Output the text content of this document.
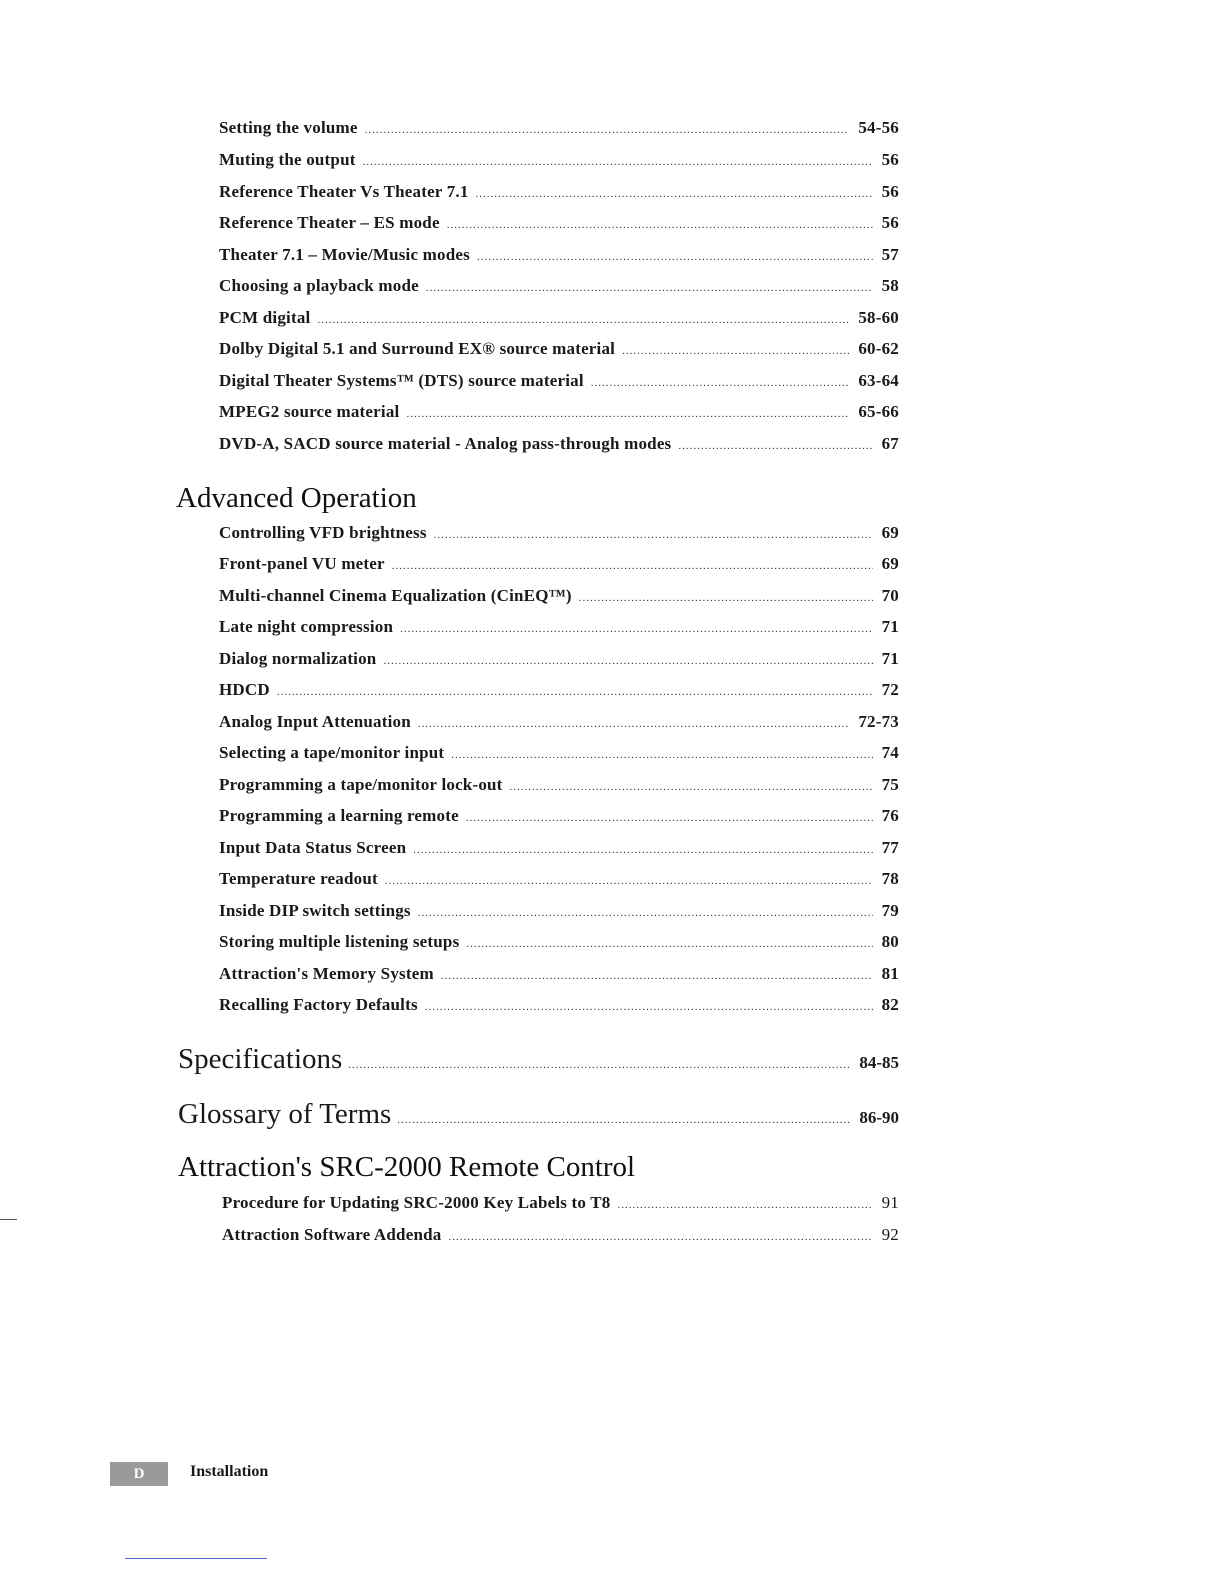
Setting the volume .....	54-56
Muting the output .....	56
Reference Theater Vs Theater 7.1 .....	56
Reference Theater – ES mode .....	56
Theater 7.1 – Movie/Music modes .....	57
Choosing a playback mode .....	58
PCM digital .....	58-60
Dolby Digital 5.1 and Surround EX® source material .....	60-62
Digital Theater Systems™ (DTS) source material .....	63-64
MPEG2 source material .....	65-66
DVD-A, SACD source material - Analog pass-through modes .....	67
Advanced Operation
Controlling VFD brightness .....	69
Front-panel VU meter .....	69
Multi-channel Cinema Equalization (CinEQ™) .....	70
Late night compression .....	71
Dialog normalization .....	71
HDCD .....	72
Analog Input Attenuation .....	72-73
Selecting a tape/monitor input .....	74
Programming a tape/monitor lock-out .....	75
Programming a learning remote .....	76
Input Data Status Screen .....	77
Temperature readout .....	78
Inside DIP switch settings .....	79
Storing multiple listening setups .....	80
Attraction's Memory System .....	81
Recalling Factory Defaults .....	82
Specifications .....	84-85
Glossary of Terms .....	86-90
Attraction's SRC-2000 Remote Control
Procedure for Updating SRC-2000 Key Labels to T8 .....	91
Attraction Software Addenda .....	92
D	Installation
